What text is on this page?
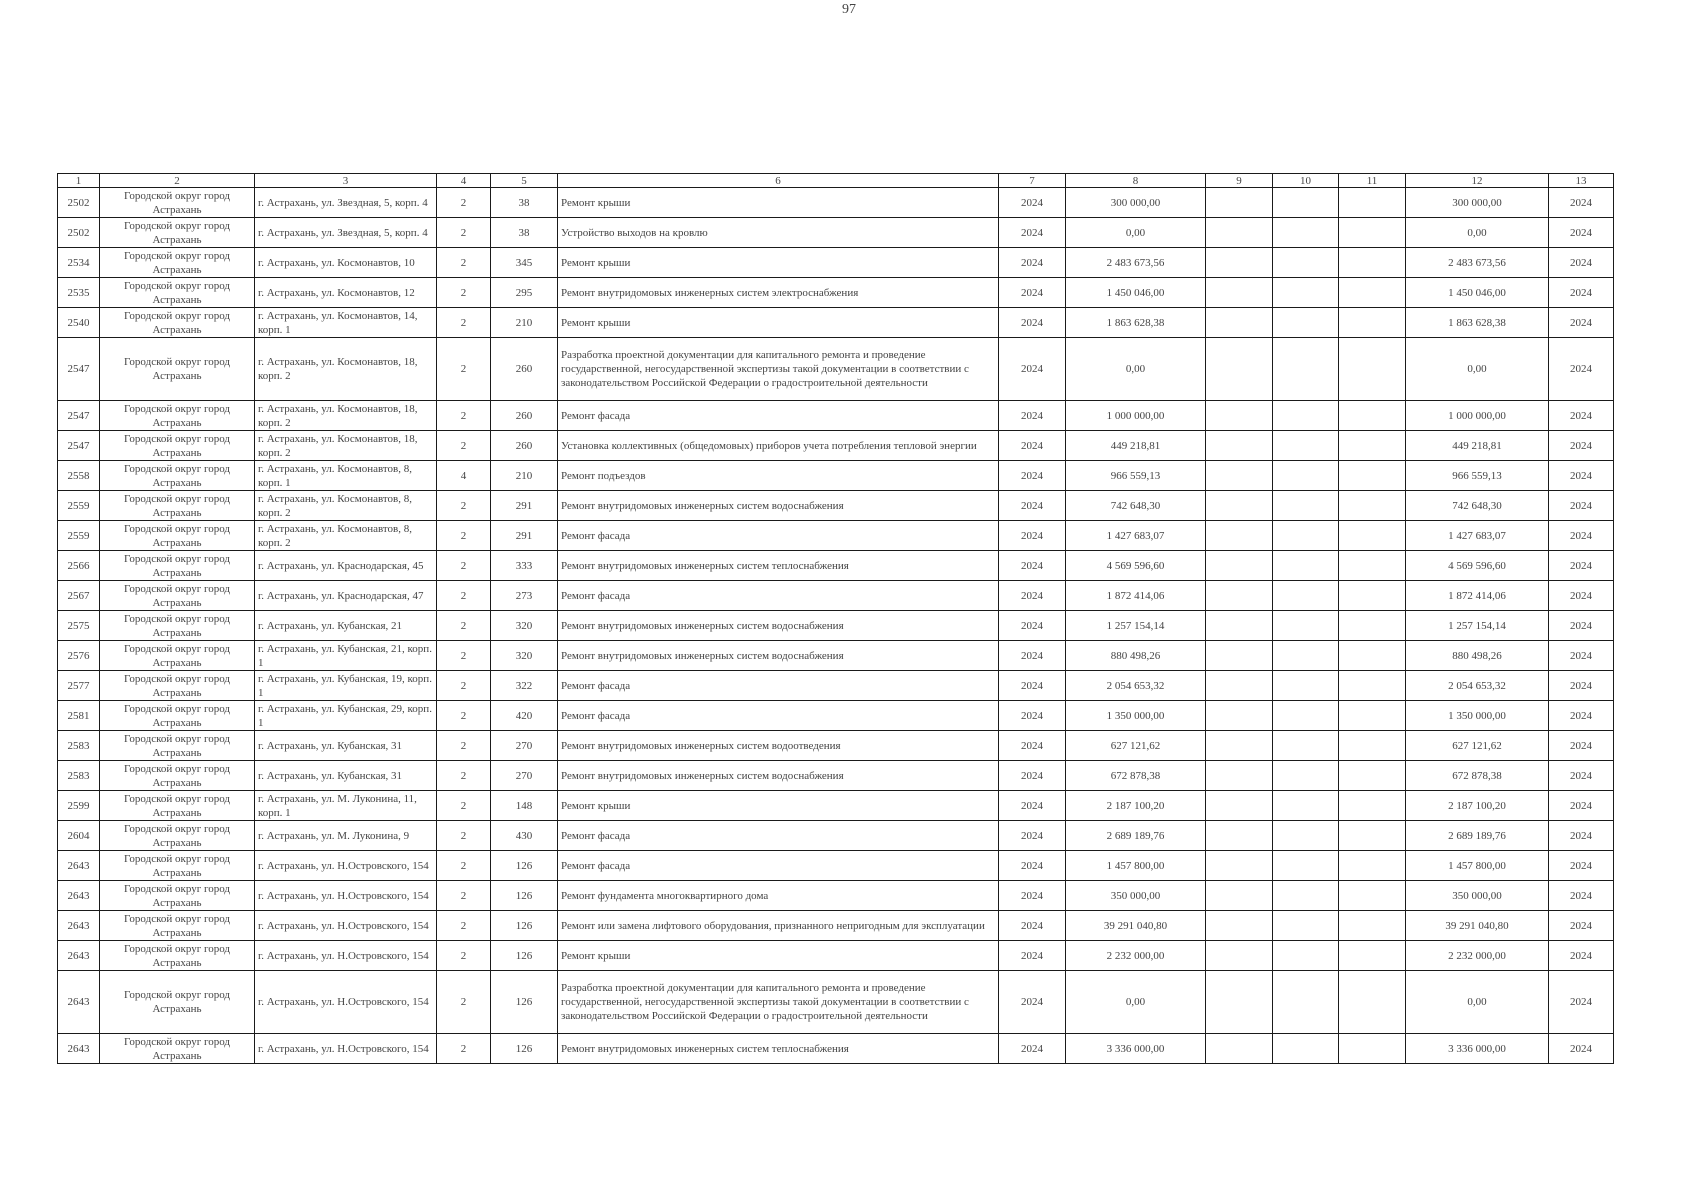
97
1	2	3	4	5	6	7	8	9	10	11	12	13
2502	Городской округ город Астрахань	г. Астрахань, ул. Звездная, 5, корп. 4	2	38	Ремонт крыши	2024	300 000,00				300 000,00	2024
2502	Городской округ город Астрахань	г. Астрахань, ул. Звездная, 5, корп. 4	2	38	Устройство выходов на кровлю	2024	0,00				0,00	2024
2534	Городской округ город Астрахань	г. Астрахань, ул. Космонавтов, 10	2	345	Ремонт крыши	2024	2 483 673,56				2 483 673,56	2024
2535	Городской округ город Астрахань	г. Астрахань, ул. Космонавтов, 12	2	295	Ремонт внутридомовых инженерных систем электроснабжения	2024	1 450 046,00				1 450 046,00	2024
2540	Городской округ город Астрахань	г. Астрахань, ул. Космонавтов, 14, корп. 1	2	210	Ремонт крыши	2024	1 863 628,38				1 863 628,38	2024
2547	Городской округ город Астрахань	г. Астрахань, ул. Космонавтов, 18, корп. 2	2	260	Разработка проектной документации для капитального ремонта и проведение государственной, негосударственной экспертизы такой документации в соответствии с законодательством Российской Федерации о градостроительной деятельности	2024	0,00				0,00	2024
2547	Городской округ город Астрахань	г. Астрахань, ул. Космонавтов, 18, корп. 2	2	260	Ремонт фасада	2024	1 000 000,00				1 000 000,00	2024
2547	Городской округ город Астрахань	г. Астрахань, ул. Космонавтов, 18, корп. 2	2	260	Установка коллективных (общедомовых) приборов учета потребления тепловой энергии	2024	449 218,81				449 218,81	2024
2558	Городской округ город Астрахань	г. Астрахань, ул. Космонавтов, 8, корп. 1	4	210	Ремонт подъездов	2024	966 559,13				966 559,13	2024
2559	Городской округ город Астрахань	г. Астрахань, ул. Космонавтов, 8, корп. 2	2	291	Ремонт внутридомовых инженерных систем водоснабжения	2024	742 648,30				742 648,30	2024
2559	Городской округ город Астрахань	г. Астрахань, ул. Космонавтов, 8, корп. 2	2	291	Ремонт фасада	2024	1 427 683,07				1 427 683,07	2024
2566	Городской округ город Астрахань	г. Астрахань, ул. Краснодарская, 45	2	333	Ремонт внутридомовых инженерных систем теплоснабжения	2024	4 569 596,60				4 569 596,60	2024
2567	Городской округ город Астрахань	г. Астрахань, ул. Краснодарская, 47	2	273	Ремонт фасада	2024	1 872 414,06				1 872 414,06	2024
2575	Городской округ город Астрахань	г. Астрахань, ул. Кубанская, 21	2	320	Ремонт внутридомовых инженерных систем водоснабжения	2024	1 257 154,14				1 257 154,14	2024
2576	Городской округ город Астрахань	г. Астрахань, ул. Кубанская, 21, корп. 1	2	320	Ремонт внутридомовых инженерных систем водоснабжения	2024	880 498,26				880 498,26	2024
2577	Городской округ город Астрахань	г. Астрахань, ул. Кубанская, 19, корп. 1	2	322	Ремонт фасада	2024	2 054 653,32				2 054 653,32	2024
2581	Городской округ город Астрахань	г. Астрахань, ул. Кубанская, 29, корп. 1	2	420	Ремонт фасада	2024	1 350 000,00				1 350 000,00	2024
2583	Городской округ город Астрахань	г. Астрахань, ул. Кубанская, 31	2	270	Ремонт внутридомовых инженерных систем водоотведения	2024	627 121,62				627 121,62	2024
2583	Городской округ город Астрахань	г. Астрахань, ул. Кубанская, 31	2	270	Ремонт внутридомовых инженерных систем водоснабжения	2024	672 878,38				672 878,38	2024
2599	Городской округ город Астрахань	г. Астрахань, ул. М. Луконина, 11, корп. 1	2	148	Ремонт крыши	2024	2 187 100,20				2 187 100,20	2024
2604	Городской округ город Астрахань	г. Астрахань, ул. М. Луконина, 9	2	430	Ремонт фасада	2024	2 689 189,76				2 689 189,76	2024
2643	Городской округ город Астрахань	г. Астрахань, ул. Н.Островского, 154	2	126	Ремонт фасада	2024	1 457 800,00				1 457 800,00	2024
2643	Городской округ город Астрахань	г. Астрахань, ул. Н.Островского, 154	2	126	Ремонт фундамента многоквартирного дома	2024	350 000,00				350 000,00	2024
2643	Городской округ город Астрахань	г. Астрахань, ул. Н.Островского, 154	2	126	Ремонт или замена лифтового оборудования, признанного непригодным для эксплуатации	2024	39 291 040,80				39 291 040,80	2024
2643	Городской округ город Астрахань	г. Астрахань, ул. Н.Островского, 154	2	126	Ремонт крыши	2024	2 232 000,00				2 232 000,00	2024
2643	Городской округ город Астрахань	г. Астрахань, ул. Н.Островского, 154	2	126	Разработка проектной документации для капитального ремонта и проведение государственной, негосударственной экспертизы такой документации в соответствии с законодательством Российской Федерации о градостроительной деятельности	2024	0,00				0,00	2024
2643	Городской округ город Астрахань	г. Астрахань, ул. Н.Островского, 154	2	126	Ремонт внутридомовых инженерных систем теплоснабжения	2024	3 336 000,00				3 336 000,00	2024
